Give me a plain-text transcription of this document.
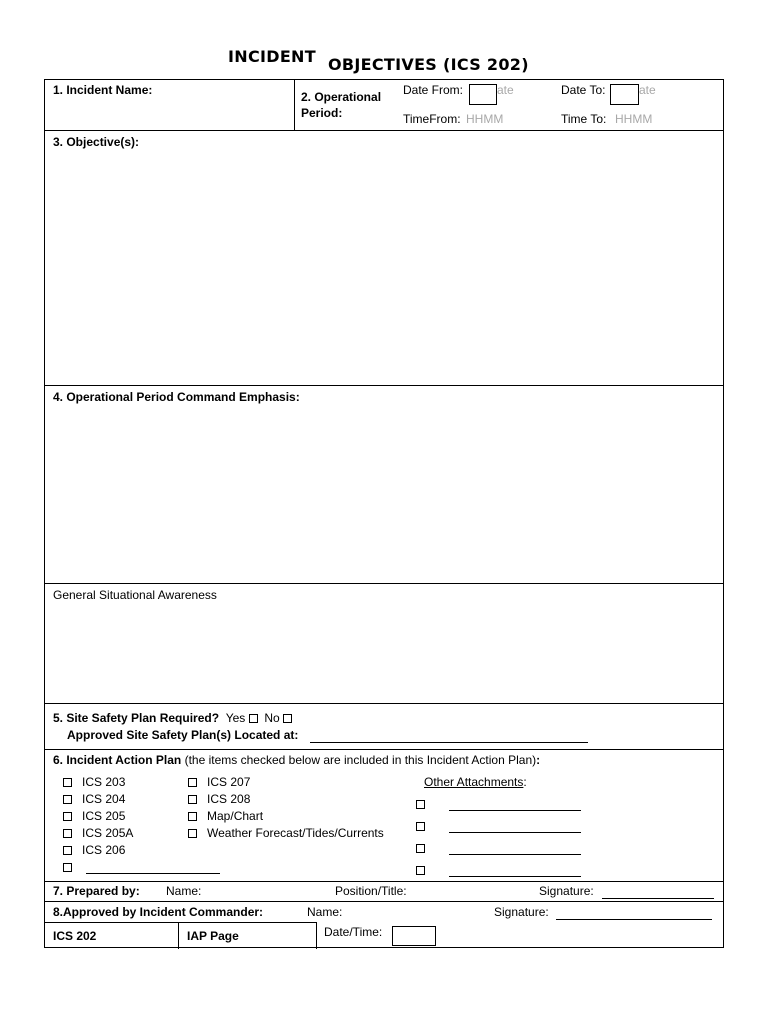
INCIDENT OBJECTIVES (ICS 202)
1. Incident Name:	2. Operational
Period:
Date From:	ate	Date To:	ate
TimeFrom: HHMM	Time To: HHMM
3. Objective(s):
4. Operational Period Command Emphasis:
General Situational Awareness
5. Site Safety Plan Required? Yes No
Approved Site Safety Plan(s) Located at:
6. Incident Action Plan (the items checked below are included in this Incident Action Plan):
ICS 203
ICS 204
ICS 205
ICS 205A
ICS 206
ICS 207
ICS 208
Map/Chart
Weather Forecast/Tides/Currents
Other Attachments:
7. Prepared by: Name:	Position/Title:	Signature:
8.Approved by Incident Commander:	Name:	Signature:
ICS 202	IAP Page	Date/Time:
